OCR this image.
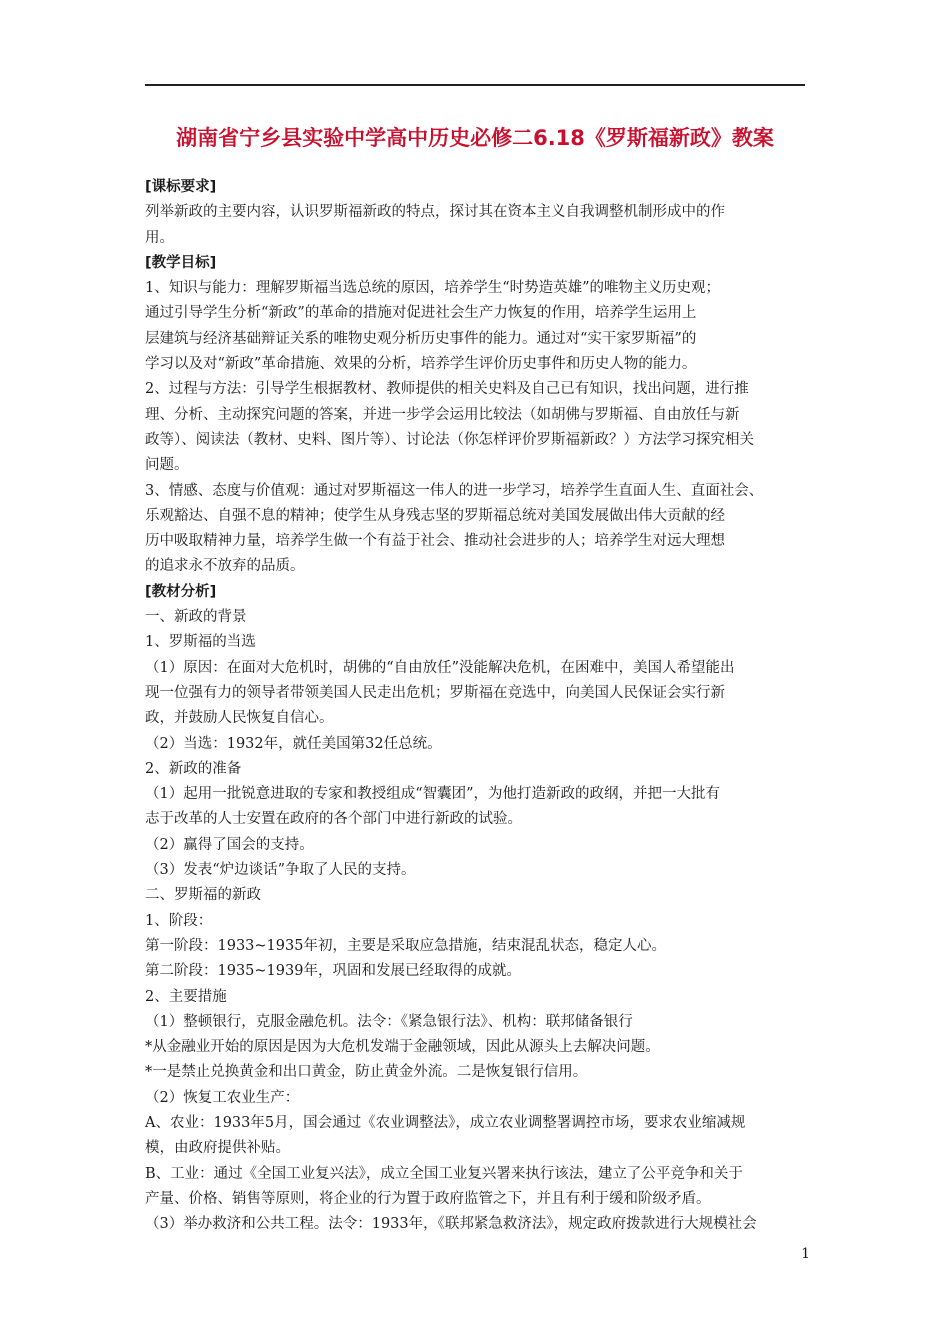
湖南省宁乡县实验中学高中历史必修二6.18《罗斯福新政》教案
[课标要求]
列举新政的主要内容，认识罗斯福新政的特点，探讨其在资本主义自我调整机制形成中的作
用。
[教学目标]
1、知识与能力：理解罗斯福当选总统的原因，培养学生“时势造英雄”的唯物主义历史观；
通过引导学生分析“新政”的革命的措施对促进社会生产力恢复的作用，培养学生运用上
层建筑与经济基础辩证关系的唯物史观分析历史事件的能力。通过对“实干家罗斯福”的
学习以及对“新政”革命措施、效果的分析，培养学生评价历史事件和历史人物的能力。
2、过程与方法：引导学生根据教材、教师提供的相关史料及自己已有知识，找出问题，进行推
理、分析、主动探究问题的答案，并进一步学会运用比较法（如胡佛与罗斯福、自由放任与新
政等）、阅读法（教材、史料、图片等）、讨论法（你怎样评价罗斯福新政？）方法学习探究相关
问题。
3、情感、态度与价值观：通过对罗斯福这一伟人的进一步学习，培养学生直面人生、直面社会、
乐观豁达、自强不息的精神；使学生从身残志坚的罗斯福总统对美国发展做出伟大贡献的经
历中吸取精神力量，培养学生做一个有益于社会、推动社会进步的人；培养学生对远大理想
的追求永不放弃的品质。
[教材分析]
一、新政的背景
1、罗斯福的当选
（1）原因：在面对大危机时，胡佛的“自由放任”没能解决危机，在困难中，美国人希望能出
现一位强有力的领导者带领美国人民走出危机；罗斯福在竞选中，向美国人民保证会实行新
政，并鼓励人民恢复自信心。
（2）当选：1932年，就任美国第32任总统。
2、新政的准备
（1）起用一批锐意进取的专家和教授组成“智囊团”，为他打造新政的政纲，并把一大批有
志于改革的人士安置在政府的各个部门中进行新政的试验。
（2）赢得了国会的支持。
（3）发表“炉边谈话”争取了人民的支持。
二、罗斯福的新政
1、阶段：
第一阶段：1933~1935年初，主要是采取应急措施，结束混乱状态，稳定人心。
第二阶段：1935~1939年，巩固和发展已经取得的成就。
2、主要措施
（1）整顿银行，克服金融危机。法令：《紧急银行法》、机构：联邦储备银行
*从金融业开始的原因是因为大危机发端于金融领域，因此从源头上去解决问题。
*一是禁止兑换黄金和出口黄金，防止黄金外流。二是恢复银行信用。
（2）恢复工农业生产：
A、农业：1933年5月，国会通过《农业调整法》，成立农业调整署调控市场，要求农业缩减规
模，由政府提供补贴。
B、工业：通过《全国工业复兴法》，成立全国工业复兴署来执行该法，建立了公平竞争和关于
产量、价格、销售等原则，将企业的行为置于政府监管之下，并且有利于缓和阶级矛盾。
（3）举办救济和公共工程。法令：1933年，《联邦紧急救济法》，规定政府拨款进行大规模社会
1
